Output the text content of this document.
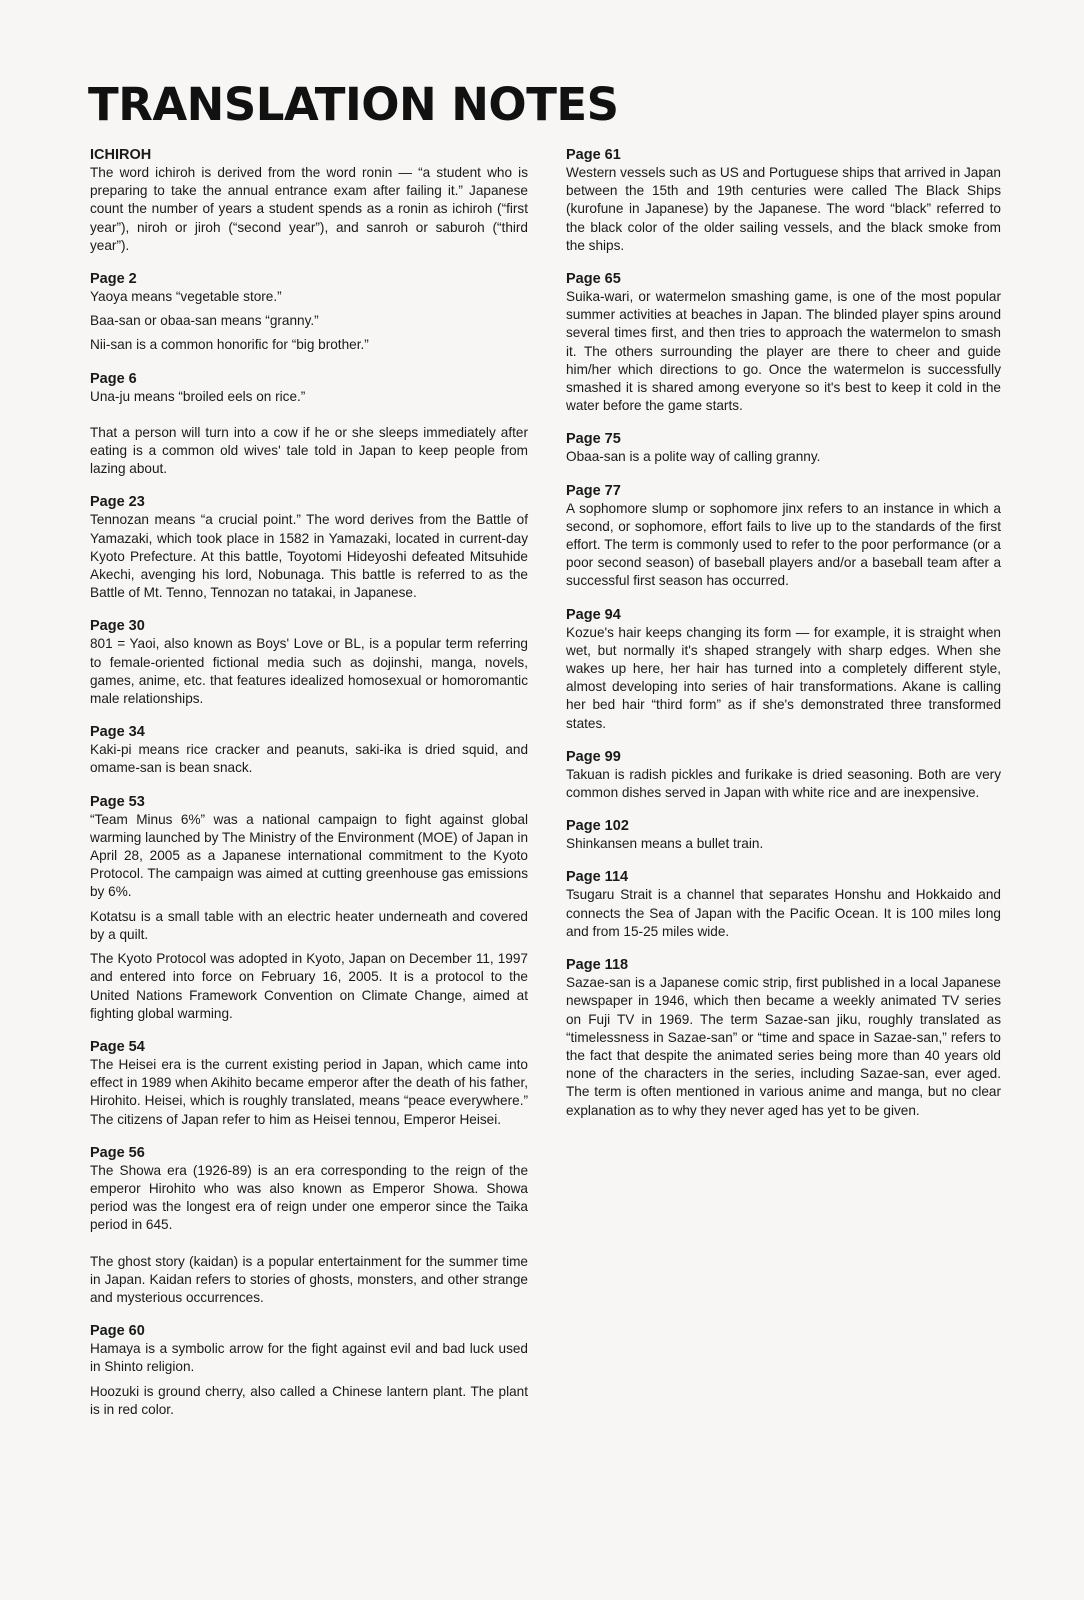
TRANSLATION NOTES

ICHIROH

The word ichiroh is derived from the word ronin — “a student who is preparing to take the annual entrance exam after failing it.” Japanese count the number of years a student spends as a ronin as ichiroh (“first year”), niroh or jiroh (“second year”), and sanroh or saburoh (“third year”).

Page 2

Yaoya means “vegetable store.”

Baa-san or obaa-san means “granny.”

Nii-san is a common honorific for “big brother.”

Page 6

Una-ju means “broiled eels on rice.”

That a person will turn into a cow if he or she sleeps immediately after eating is a common old wives' tale told in Japan to keep people from lazing about.

Page 23

Tennozan means “a crucial point.” The word derives from the Battle of Yamazaki, which took place in 1582 in Yamazaki, located in current-day Kyoto Prefecture. At this battle, Toyotomi Hideyoshi defeated Mitsuhide Akechi, avenging his lord, Nobunaga. This battle is referred to as the Battle of Mt. Tenno, Tennozan no tatakai, in Japanese.

Page 30

801 = Yaoi, also known as Boys' Love or BL, is a popular term referring to female-oriented fictional media such as dojinshi, manga, novels, games, anime, etc. that features idealized homosexual or homoromantic male relationships.

Page 34

Kaki-pi means rice cracker and peanuts, saki-ika is dried squid, and omame-san is bean snack.

Page 53

“Team Minus 6%” was a national campaign to fight against global warming launched by The Ministry of the Environment (MOE) of Japan in April 28, 2005 as a Japanese international commitment to the Kyoto Protocol. The campaign was aimed at cutting greenhouse gas emissions by 6%.

Kotatsu is a small table with an electric heater underneath and covered by a quilt.

The Kyoto Protocol was adopted in Kyoto, Japan on December 11, 1997 and entered into force on February 16, 2005. It is a protocol to the United Nations Framework Convention on Climate Change, aimed at fighting global warming.

Page 54

The Heisei era is the current existing period in Japan, which came into effect in 1989 when Akihito became emperor after the death of his father, Hirohito. Heisei, which is roughly translated, means “peace everywhere.” The citizens of Japan refer to him as Heisei tennou, Emperor Heisei.

Page 56

The Showa era (1926-89) is an era corresponding to the reign of the emperor Hirohito who was also known as Emperor Showa. Showa period was the longest era of reign under one emperor since the Taika period in 645.

The ghost story (kaidan) is a popular entertainment for the summer time in Japan. Kaidan refers to stories of ghosts, monsters, and other strange and mysterious occurrences.

Page 60

Hamaya is a symbolic arrow for the fight against evil and bad luck used in Shinto religion.

Hoozuki is ground cherry, also called a Chinese lantern plant. The plant is in red color.

Page 61

Western vessels such as US and Portuguese ships that arrived in Japan between the 15th and 19th centuries were called The Black Ships (kurofune in Japanese) by the Japanese. The word “black” referred to the black color of the older sailing vessels, and the black smoke from the ships.

Page 65

Suika-wari, or watermelon smashing game, is one of the most popular summer activities at beaches in Japan. The blinded player spins around several times first, and then tries to approach the watermelon to smash it. The others surrounding the player are there to cheer and guide him/her which directions to go. Once the watermelon is successfully smashed it is shared among everyone so it's best to keep it cold in the water before the game starts.

Page 75

Obaa-san is a polite way of calling granny.

Page 77

A sophomore slump or sophomore jinx refers to an instance in which a second, or sophomore, effort fails to live up to the standards of the first effort. The term is commonly used to refer to the poor performance (or a poor second season) of baseball players and/or a baseball team after a successful first season has occurred.

Page 94

Kozue's hair keeps changing its form — for example, it is straight when wet, but normally it's shaped strangely with sharp edges. When she wakes up here, her hair has turned into a completely different style, almost developing into series of hair transformations. Akane is calling her bed hair “third form” as if she's demonstrated three transformed states.

Page 99

Takuan is radish pickles and furikake is dried seasoning. Both are very common dishes served in Japan with white rice and are inexpensive.

Page 102

Shinkansen means a bullet train.

Page 114

Tsugaru Strait is a channel that separates Honshu and Hokkaido and connects the Sea of Japan with the Pacific Ocean. It is 100 miles long and from 15-25 miles wide.

Page 118

Sazae-san is a Japanese comic strip, first published in a local Japanese newspaper in 1946, which then became a weekly animated TV series on Fuji TV in 1969. The term Sazae-san jiku, roughly translated as “timelessness in Sazae-san” or “time and space in Sazae-san,” refers to the fact that despite the animated series being more than 40 years old none of the characters in the series, including Sazae-san, ever aged. The term is often mentioned in various anime and manga, but no clear explanation as to why they never aged has yet to be given.
